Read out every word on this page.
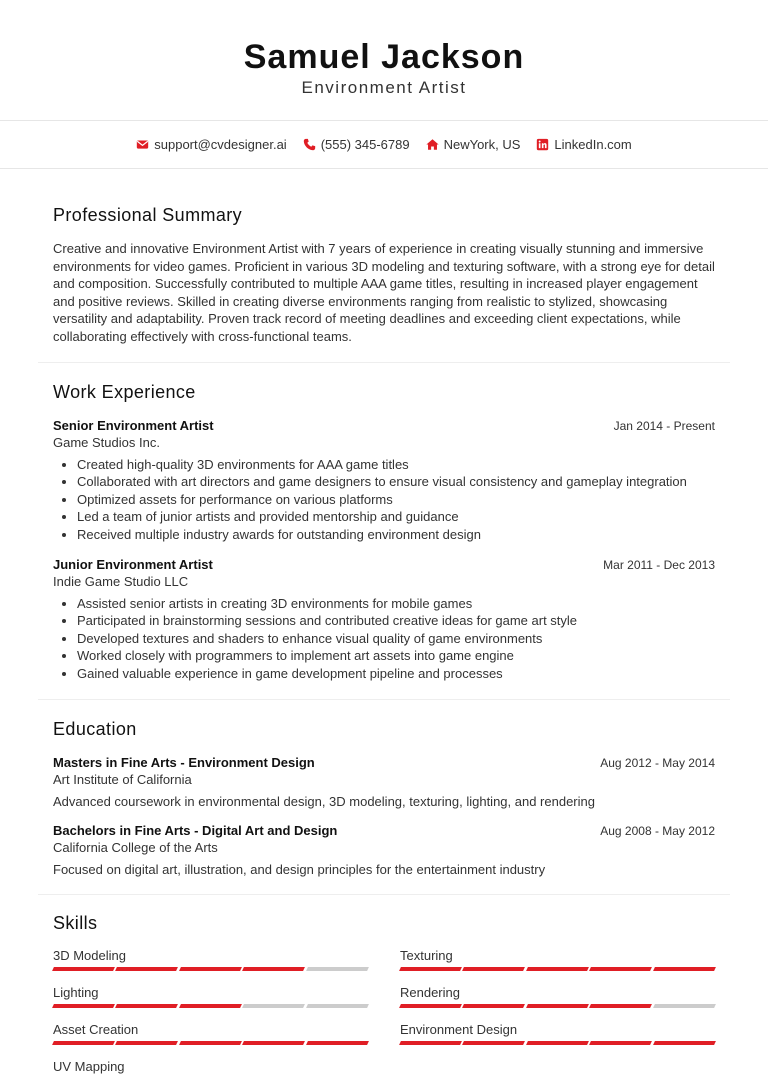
Samuel Jackson
Environment Artist
support@cvdesigner.ai	(555) 345-6789	NewYork, US	LinkedIn.com
Professional Summary

Creative and innovative Environment Artist with 7 years of experience in creating visually stunning and immersive environments for video games. Proficient in various 3D modeling and texturing software, with a strong eye for detail and composition. Successfully contributed to multiple AAA game titles, resulting in increased player engagement and positive reviews. Skilled in creating diverse environments ranging from realistic to stylized, showcasing versatility and adaptability. Proven track record of meeting deadlines and exceeding client expectations, while collaborating effectively with cross-functional teams.

Work Experience
Senior Environment Artist	Jan 2014 - Present
Game Studios Inc.
• Created high-quality 3D environments for AAA game titles
• Collaborated with art directors and game designers to ensure visual consistency and gameplay integration
• Optimized assets for performance on various platforms
• Led a team of junior artists and provided mentorship and guidance
• Received multiple industry awards for outstanding environment design
Junior Environment Artist	Mar 2011 - Dec 2013
Indie Game Studio LLC
• Assisted senior artists in creating 3D environments for mobile games
• Participated in brainstorming sessions and contributed creative ideas for game art style
• Developed textures and shaders to enhance visual quality of game environments
• Worked closely with programmers to implement art assets into game engine
• Gained valuable experience in game development pipeline and processes
Education
Masters in Fine Arts - Environment Design	Aug 2012 - May 2014
Art Institute of California
Advanced coursework in environmental design, 3D modeling, texturing, lighting, and rendering
Bachelors in Fine Arts - Digital Art and Design	Aug 2008 - May 2012
California College of the Arts
Focused on digital art, illustration, and design principles for the entertainment industry
Skills
3D Modeling	Texturing
Lighting	Rendering
Asset Creation	Environment Design
UV Mapping
